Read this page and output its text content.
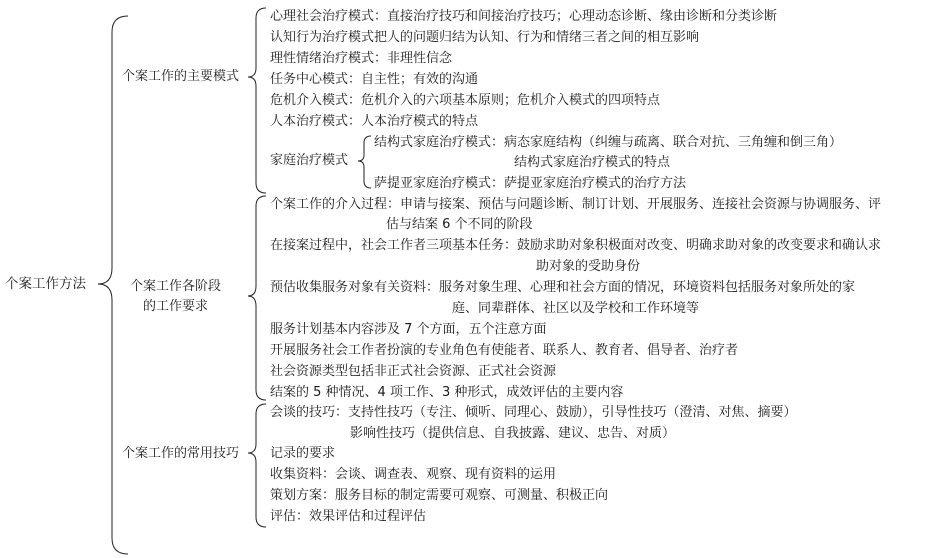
个案工作方法
个案工作的主要模式
心理社会治疗模式：直接治疗技巧和间接治疗技巧；心理动态诊断、缘由诊断和分类诊断
认知行为治疗模式把人的问题归结为认知、行为和情绪三者之间的相互影响
理性情绪治疗模式：非理性信念
任务中心模式：自主性；有效的沟通
危机介入模式：危机介入的六项基本原则；危机介入模式的四项特点
人本治疗模式：人本治疗模式的特点
家庭治疗模式
结构式家庭治疗模式：病态家庭结构（纠缠与疏离、联合对抗、三角缠和倒三角）
结构式家庭治疗模式的特点
萨提亚家庭治疗模式：萨提亚家庭治疗模式的治疗方法
个案工作各阶段
的工作要求
个案工作的介入过程：申请与接案、预估与问题诊断、制订计划、开展服务、连接社会资源与协调服务、评
估与结案 6 个不同的阶段
在接案过程中，社会工作者三项基本任务：鼓励求助对象积极面对改变、明确求助对象的改变要求和确认求
助对象的受助身份
预估收集服务对象有关资料：服务对象生理、心理和社会方面的情况，环境资料包括服务对象所处的家
庭、同辈群体、社区以及学校和工作环境等
服务计划基本内容涉及 7 个方面，五个注意方面
开展服务社会工作者扮演的专业角色有使能者、联系人、教育者、倡导者、治疗者
社会资源类型包括非正式社会资源、正式社会资源
结案的 5 种情况、4 项工作、3 种形式，成效评估的主要内容
个案工作的常用技巧
会谈的技巧：支持性技巧（专注、倾听、同理心、鼓励），引导性技巧（澄清、对焦、摘要）
影响性技巧（提供信息、自我披露、建议、忠告、对质）
记录的要求
收集资料：会谈、调查表、观察、现有资料的运用
策划方案：服务目标的制定需要可观察、可测量、积极正向
评估：效果评估和过程评估
